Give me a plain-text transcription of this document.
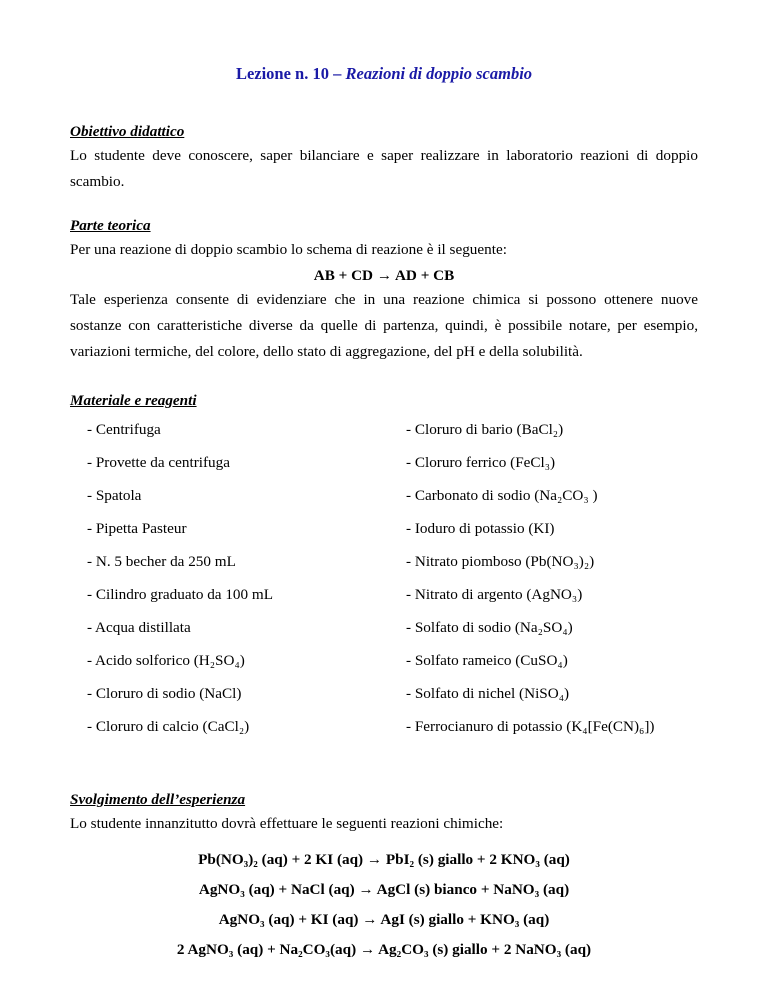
Lezione n. 10 – Reazioni di doppio scambio
Obiettivo didattico
Lo studente deve conoscere, saper bilanciare e saper realizzare in laboratorio reazioni di doppio scambio.
Parte teorica
Per una reazione di doppio scambio lo schema di reazione è il seguente:
AB + CD → AD + CB
Tale esperienza consente di evidenziare che in una reazione chimica si possono ottenere nuove sostanze con caratteristiche diverse da quelle di partenza, quindi, è possibile notare, per esempio, variazioni termiche, del colore, dello stato di aggregazione, del pH e della solubilità.
Materiale e reagenti
- Centrifuga
- Provette da centrifuga
- Spatola
- Pipetta Pasteur
- N. 5 becher da 250 mL
- Cilindro graduato da 100 mL
- Acqua distillata
- Acido solforico (H₂SO₄)
- Cloruro di sodio (NaCl)
- Cloruro di calcio (CaCl₂)
- Cloruro di bario (BaCl₂)
- Cloruro ferrico (FeCl₃)
- Carbonato di sodio (Na₂CO₃ )
- Ioduro di potassio (KI)
- Nitrato piomboso (Pb(NO₃)₂)
- Nitrato di argento (AgNO₃)
- Solfato di sodio (Na₂SO₄)
- Solfato rameico (CuSO₄)
- Solfato di nichel (NiSO₄)
- Ferrocianuro di potassio (K₄[Fe(CN)₆])
Svolgimento dell’esperienza
Lo studente innanzitutto dovrà effettuare le seguenti reazioni chimiche:
Pb(NO₃)₂ (aq) + 2 KI (aq) → PbI₂ (s) giallo + 2 KNO₃ (aq)
AgNO₃ (aq) + NaCl (aq) → AgCl (s) bianco + NaNO₃ (aq)
AgNO₃ (aq) + KI (aq) → AgI (s) giallo + KNO₃ (aq)
2 AgNO₃ (aq) + Na₂CO₃(aq) → Ag₂CO₃ (s) giallo + 2 NaNO₃ (aq)
